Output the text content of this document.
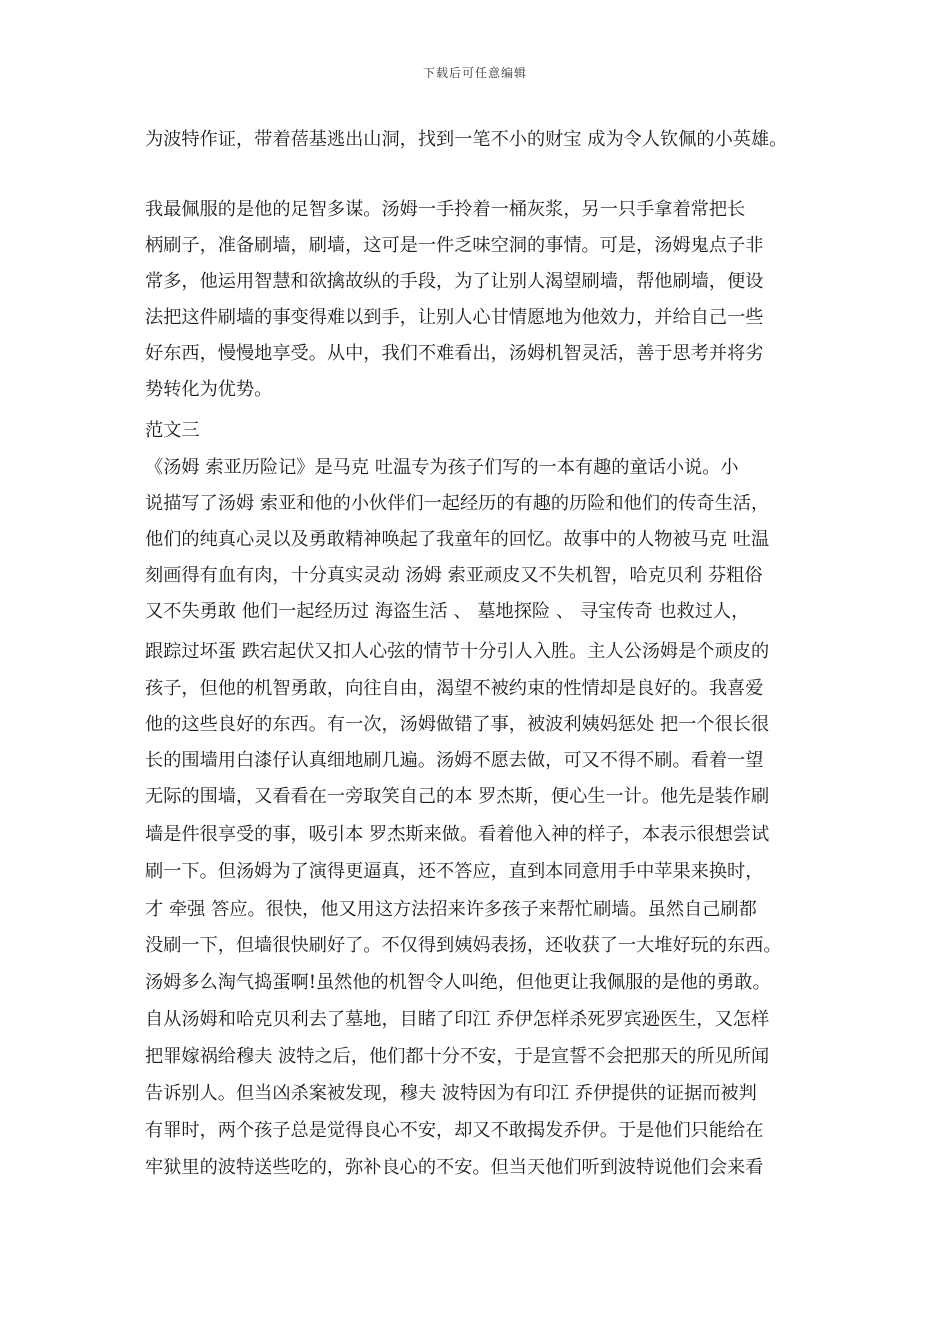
下载后可任意编辑
为波特作证，带着蓓基逃出山洞，找到一笔不小的财宝 成为令人钦佩的小英雄。
我最佩服的是他的足智多谋。汤姆一手拎着一桶灰浆，另一只手拿着常把长
柄刷子，准备刷墙，刷墙，这可是一件乏味空洞的事情。可是，汤姆鬼点子非
常多，他运用智慧和欲擒故纵的手段，为了让别人渴望刷墙，帮他刷墙，便设
法把这件刷墙的事变得难以到手，让别人心甘情愿地为他效力，并给自己一些
好东西，慢慢地享受。从中，我们不难看出，汤姆机智灵活，善于思考并将劣
势转化为优势。
范文三
《汤姆 索亚历险记》是马克 吐温专为孩子们写的一本有趣的童话小说。小
说描写了汤姆 索亚和他的小伙伴们一起经历的有趣的历险和他们的传奇生活，
他们的纯真心灵以及勇敢精神唤起了我童年的回忆。故事中的人物被马克 吐温
刻画得有血有肉，十分真实灵动 汤姆 索亚顽皮又不失机智，哈克贝利 芬粗俗
又不失勇敢 他们一起经历过 海盗生活 、 墓地探险 、 寻宝传奇 也救过人，
跟踪过坏蛋 跌宕起伏又扣人心弦的情节十分引人入胜。主人公汤姆是个顽皮的
孩子，但他的机智勇敢，向往自由，渴望不被约束的性情却是良好的。我喜爱
他的这些良好的东西。有一次，汤姆做错了事，被波利姨妈惩处 把一个很长很
长的围墙用白漆仔认真细地刷几遍。汤姆不愿去做，可又不得不刷。看着一望
无际的围墙，又看看在一旁取笑自己的本 罗杰斯，便心生一计。他先是装作刷
墙是件很享受的事，吸引本 罗杰斯来做。看着他入神的样子，本表示很想尝试
刷一下。但汤姆为了演得更逼真，还不答应，直到本同意用手中苹果来换时，
才 牵强 答应。很快，他又用这方法招来许多孩子来帮忙刷墙。虽然自己刷都
没刷一下，但墙很快刷好了。不仅得到姨妈表扬，还收获了一大堆好玩的东西。
汤姆多么淘气捣蛋啊!虽然他的机智令人叫绝，但他更让我佩服的是他的勇敢。
自从汤姆和哈克贝利去了墓地，目睹了印江 乔伊怎样杀死罗宾逊医生，又怎样
把罪嫁祸给穆夫 波特之后，他们都十分不安，于是宣誓不会把那天的所见所闻
告诉别人。但当凶杀案被发现，穆夫 波特因为有印江 乔伊提供的证据而被判
有罪时，两个孩子总是觉得良心不安，却又不敢揭发乔伊。于是他们只能给在
牢狱里的波特送些吃的，弥补良心的不安。但当天他们听到波特说他们会来看
